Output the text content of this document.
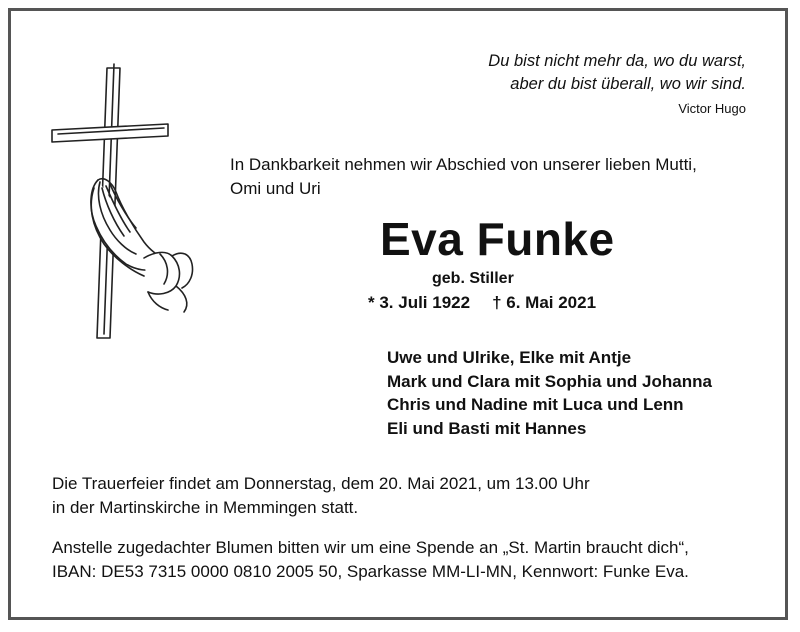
Du bist nicht mehr da, wo du warst,
aber du bist überall, wo wir sind.
Victor Hugo
In Dankbarkeit nehmen wir Abschied von unserer lieben Mutti,
Omi und Uri
Eva Funke
geb. Stiller
* 3. Juli 1922 † 6. Mai 2021
Uwe und Ulrike, Elke mit Antje
Mark und Clara mit Sophia und Johanna
Chris und Nadine mit Luca und Lenn
Eli und Basti mit Hannes
Die Trauerfeier findet am Donnerstag, dem 20. Mai 2021, um 13.00 Uhr
in der Martinskirche in Memmingen statt.
Anstelle zugedachter Blumen bitten wir um eine Spende an „St. Martin braucht dich“,
IBAN: DE53 7315 0000 0810 2005 50, Sparkasse MM-LI-MN, Kennwort: Funke Eva.
